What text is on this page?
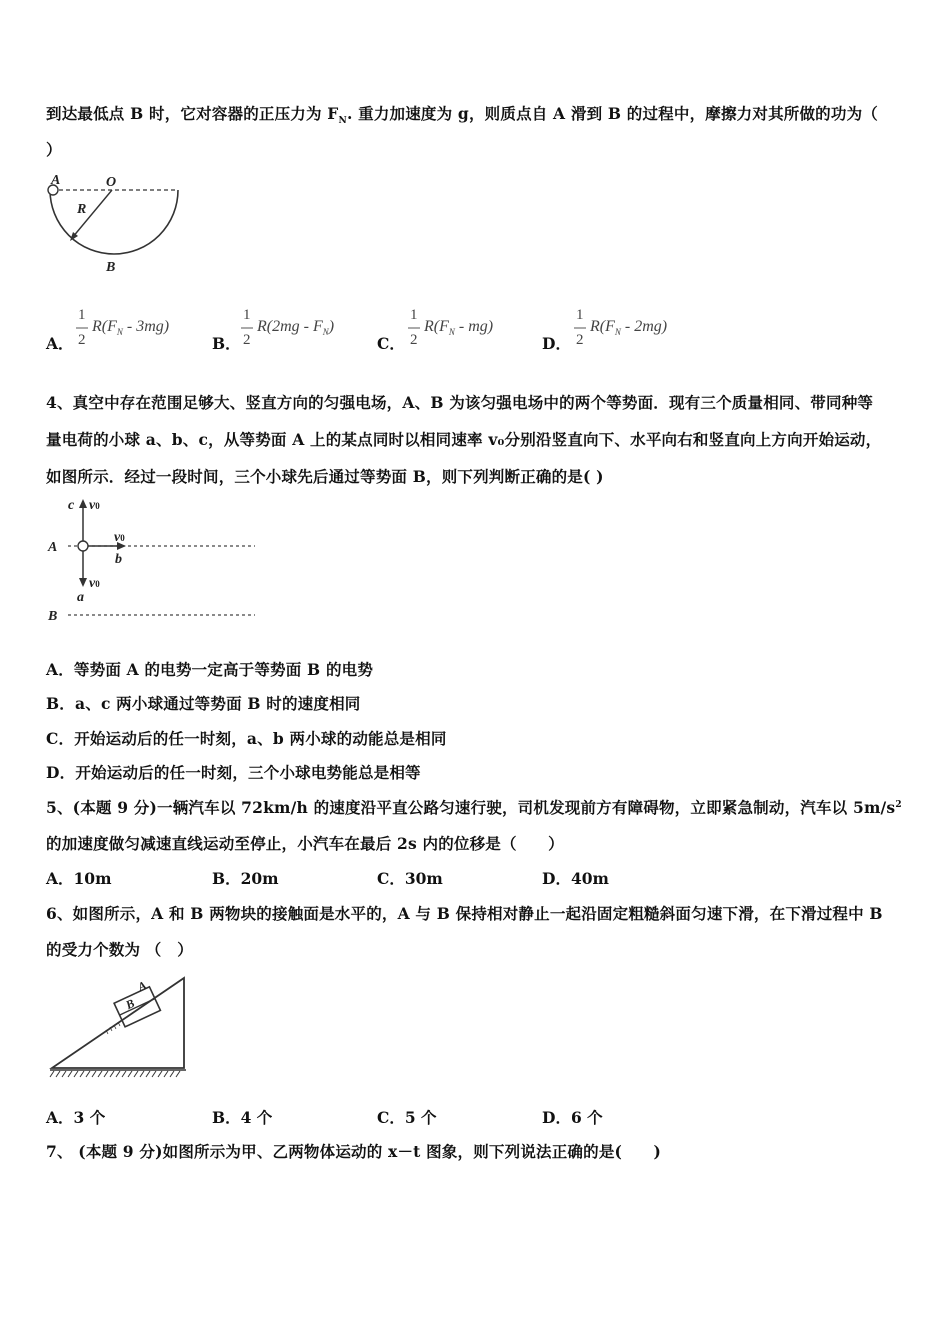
到达最低点 B 时，它对容器的正压力为 $F_N$. 重力加速度为 g，则质点自 A 滑到 B 的过程中，摩擦力对其所做的功为（
）
A	O
R
B
A．
1
2
$R(F_N - 3mg)$
B．
1
2
$R(2mg - F_N)$
C．
1
2
$R(F_N - mg)$
D．
1
2
$R(F_N - 2mg)$
4、真空中存在范围足够大、竖直方向的匀强电场，A、B 为该匀强电场中的两个等势面．现有三个质量相同、带同种等
量电荷的小球 a、b、c，从等势面 A 上的某点同时以相同速率 v₀分别沿竖直向下、水平向右和竖直向上方向开始运动，
如图所示．经过一段时间，三个小球先后通过等势面 B，则下列判断正确的是( )
c v0
v0
b
A
v0
a
B
A．等势面 A 的电势一定高于等势面 B 的电势
B．a、c 两小球通过等势面 B 时的速度相同
C．开始运动后的任一时刻，a、b 两小球的动能总是相同
D．开始运动后的任一时刻，三个小球电势能总是相等
5、(本题 9 分)一辆汽车以 72km/h 的速度沿平直公路匀速行驶，司机发现前方有障碍物，立即紧急制动，汽车以 $5m/s^2$
的加速度做匀减速直线运动至停止，小汽车在最后 2s 内的位移是（　　）
A．10m	B．20m	C．30m	D．40m
6、如图所示，A 和 B 两物块的接触面是水平的，A 与 B 保持相对静止一起沿固定粗糙斜面匀速下滑，在下滑过程中 B
的受力个数为 （　）
A
B
A．3 个	B．4 个	C．5 个	D．6 个
7、 (本题 9 分)如图所示为甲、乙两物体运动的 x－t 图象，则下列说法正确的是(　　)
